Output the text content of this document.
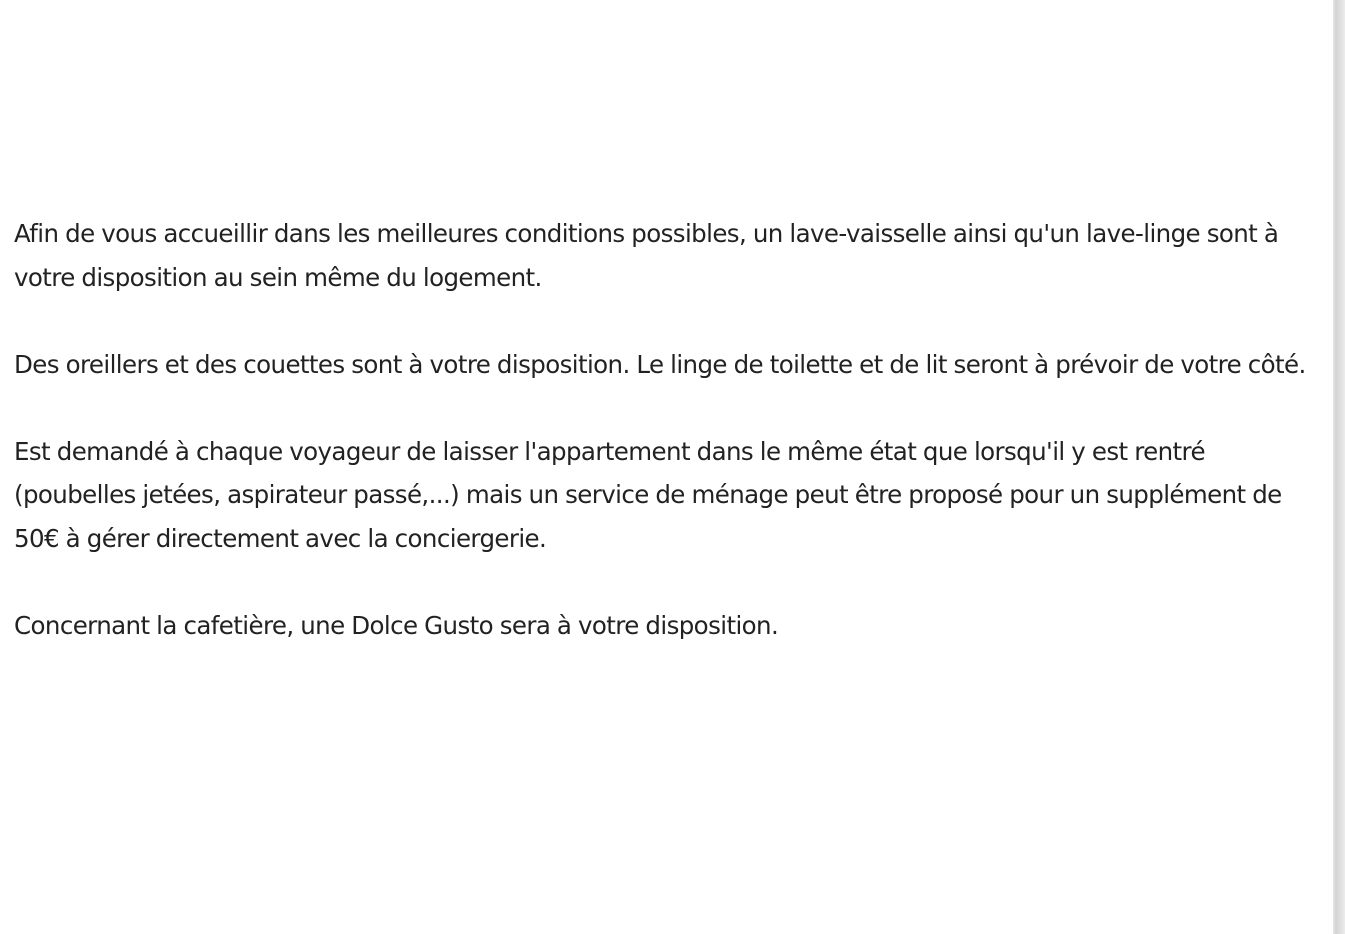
Afin de vous accueillir dans les meilleures conditions possibles, un lave-vaisselle ainsi qu'un lave-linge sont à votre disposition au sein même du logement.

Des oreillers et des couettes sont à votre disposition. Le linge de toilette et de lit seront à prévoir de votre côté.

Est demandé à chaque voyageur de laisser l'appartement dans le même état que lorsqu'il y est rentré (poubelles jetées, aspirateur passé,...) mais un service de ménage peut être proposé pour un supplément de 50€ à gérer directement avec la conciergerie.

Concernant la cafetière, une Dolce Gusto sera à votre disposition.
